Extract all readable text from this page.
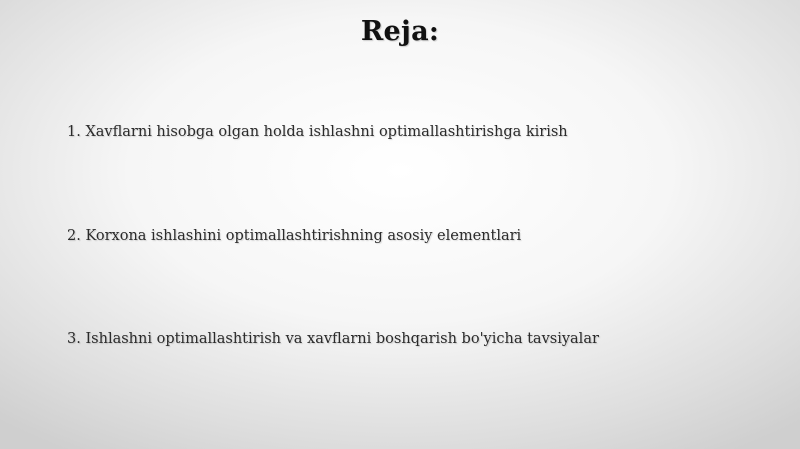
Reja:
1. Xavflarni hisobga olgan holda ishlashni optimallashtirishga kirish
2. Korxona ishlashini optimallashtirishning asosiy elementlari
3. Ishlashni optimallashtirish va xavflarni boshqarish bo'yicha tavsiyalar
